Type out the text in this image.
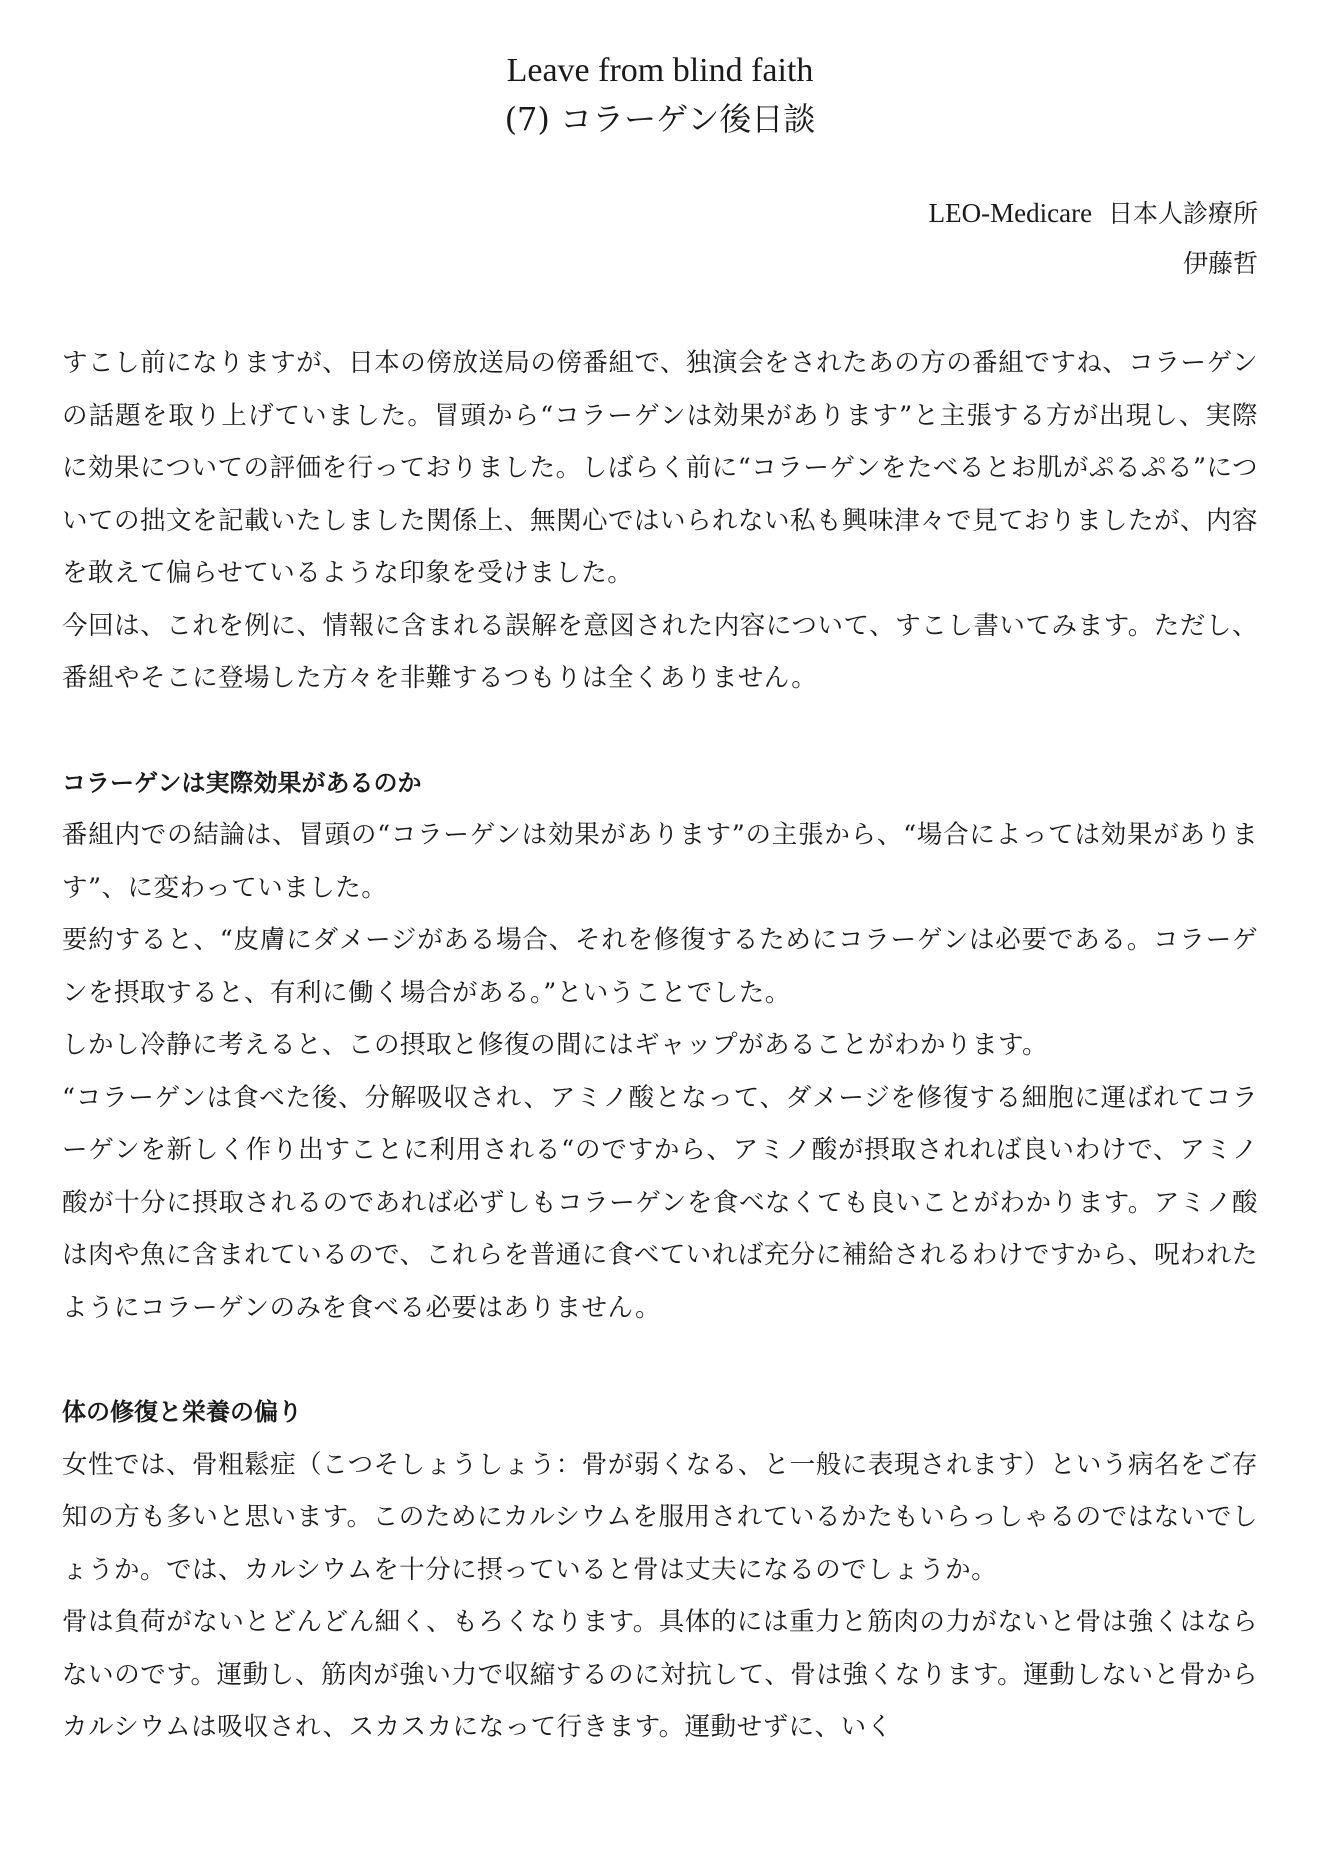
Leave from blind faith
(7) コラーゲン後日談
LEO-Medicare 日本人診療所
伊藤哲

すこし前になりますが、日本の傍放送局の傍番組で、独演会をされたあの方の番組ですね、コラーゲンの話題を取り上げていました。冒頭から“コラーゲンは効果があります”と主張する方が出現し、実際に効果についての評価を行っておりました。しばらく前に“コラーゲンをたべるとお肌がぷるぷる”についての拙文を記載いたしました関係上、無関心ではいられない私も興味津々で見ておりましたが、内容を敢えて偏らせているような印象を受けました。

今回は、これを例に、情報に含まれる誤解を意図された内容について、すこし書いてみます。ただし、番組やそこに登場した方々を非難するつもりは全くありません。

コラーゲンは実際効果があるのか

番組内での結論は、冒頭の“コラーゲンは効果があります”の主張から、“場合によっては効果があります”、に変わっていました。

要約すると、“皮膚にダメージがある場合、それを修復するためにコラーゲンは必要である。コラーゲンを摂取すると、有利に働く場合がある。”ということでした。

しかし冷静に考えると、この摂取と修復の間にはギャップがあることがわかります。

“コラーゲンは食べた後、分解吸収され、アミノ酸となって、ダメージを修復する細胞に運ばれてコラーゲンを新しく作り出すことに利用される“のですから、アミノ酸が摂取されれば良いわけで、アミノ酸が十分に摂取されるのであれば必ずしもコラーゲンを食べなくても良いことがわかります。アミノ酸は肉や魚に含まれているので、これらを普通に食べていれば充分に補給されるわけですから、呪われたようにコラーゲンのみを食べる必要はありません。

体の修復と栄養の偏り

女性では、骨粗鬆症（こつそしょうしょう：骨が弱くなる、と一般に表現されます）という病名をご存知の方も多いと思います。このためにカルシウムを服用されているかたもいらっしゃるのではないでしょうか。では、カルシウムを十分に摂っていると骨は丈夫になるのでしょうか。

骨は負荷がないとどんどん細く、もろくなります。具体的には重力と筋肉の力がないと骨は強くはならないのです。運動し、筋肉が強い力で収縮するのに対抗して、骨は強くなります。運動しないと骨からカルシウムは吸収され、スカスカになって行きます。運動せずに、いく
